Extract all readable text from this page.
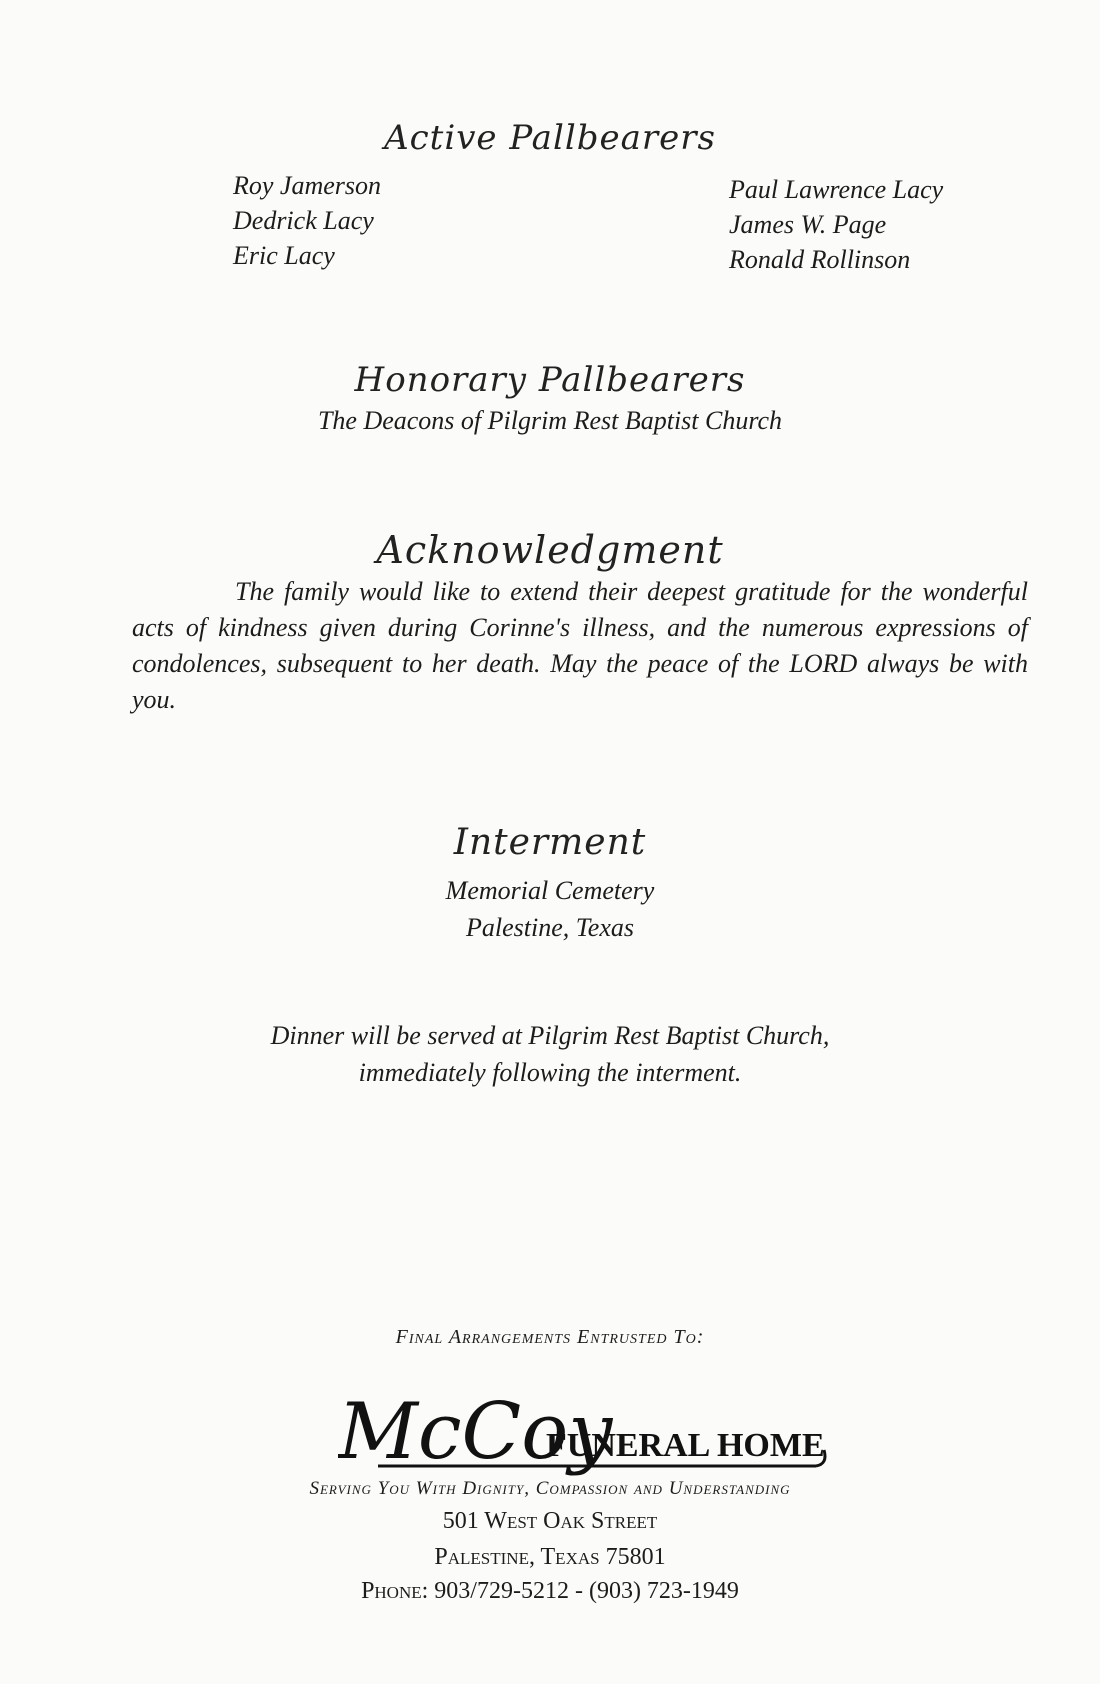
Active Pallbearers
Roy Jamerson
Dedrick Lacy
Eric Lacy
Paul Lawrence Lacy
James W. Page
Ronald Rollinson
Honorary Pallbearers
The Deacons of Pilgrim Rest Baptist Church
Acknowledgment
The family would like to extend their deepest gratitude for the wonderful acts of kindness given during Corinne's illness, and the numerous expressions of condolences, subsequent to her death. May the peace of the LORD always be with you.
Interment
Memorial Cemetery
Palestine, Texas
Dinner will be served at Pilgrim Rest Baptist Church,
immediately following the interment.
Final Arrangements Entrusted To:
McCoy
FUNERAL HOME
Serving You With Dignity, Compassion and Understanding
501 West Oak Street
Palestine, Texas 75801
Phone: 903/729-5212 - (903) 723-1949
